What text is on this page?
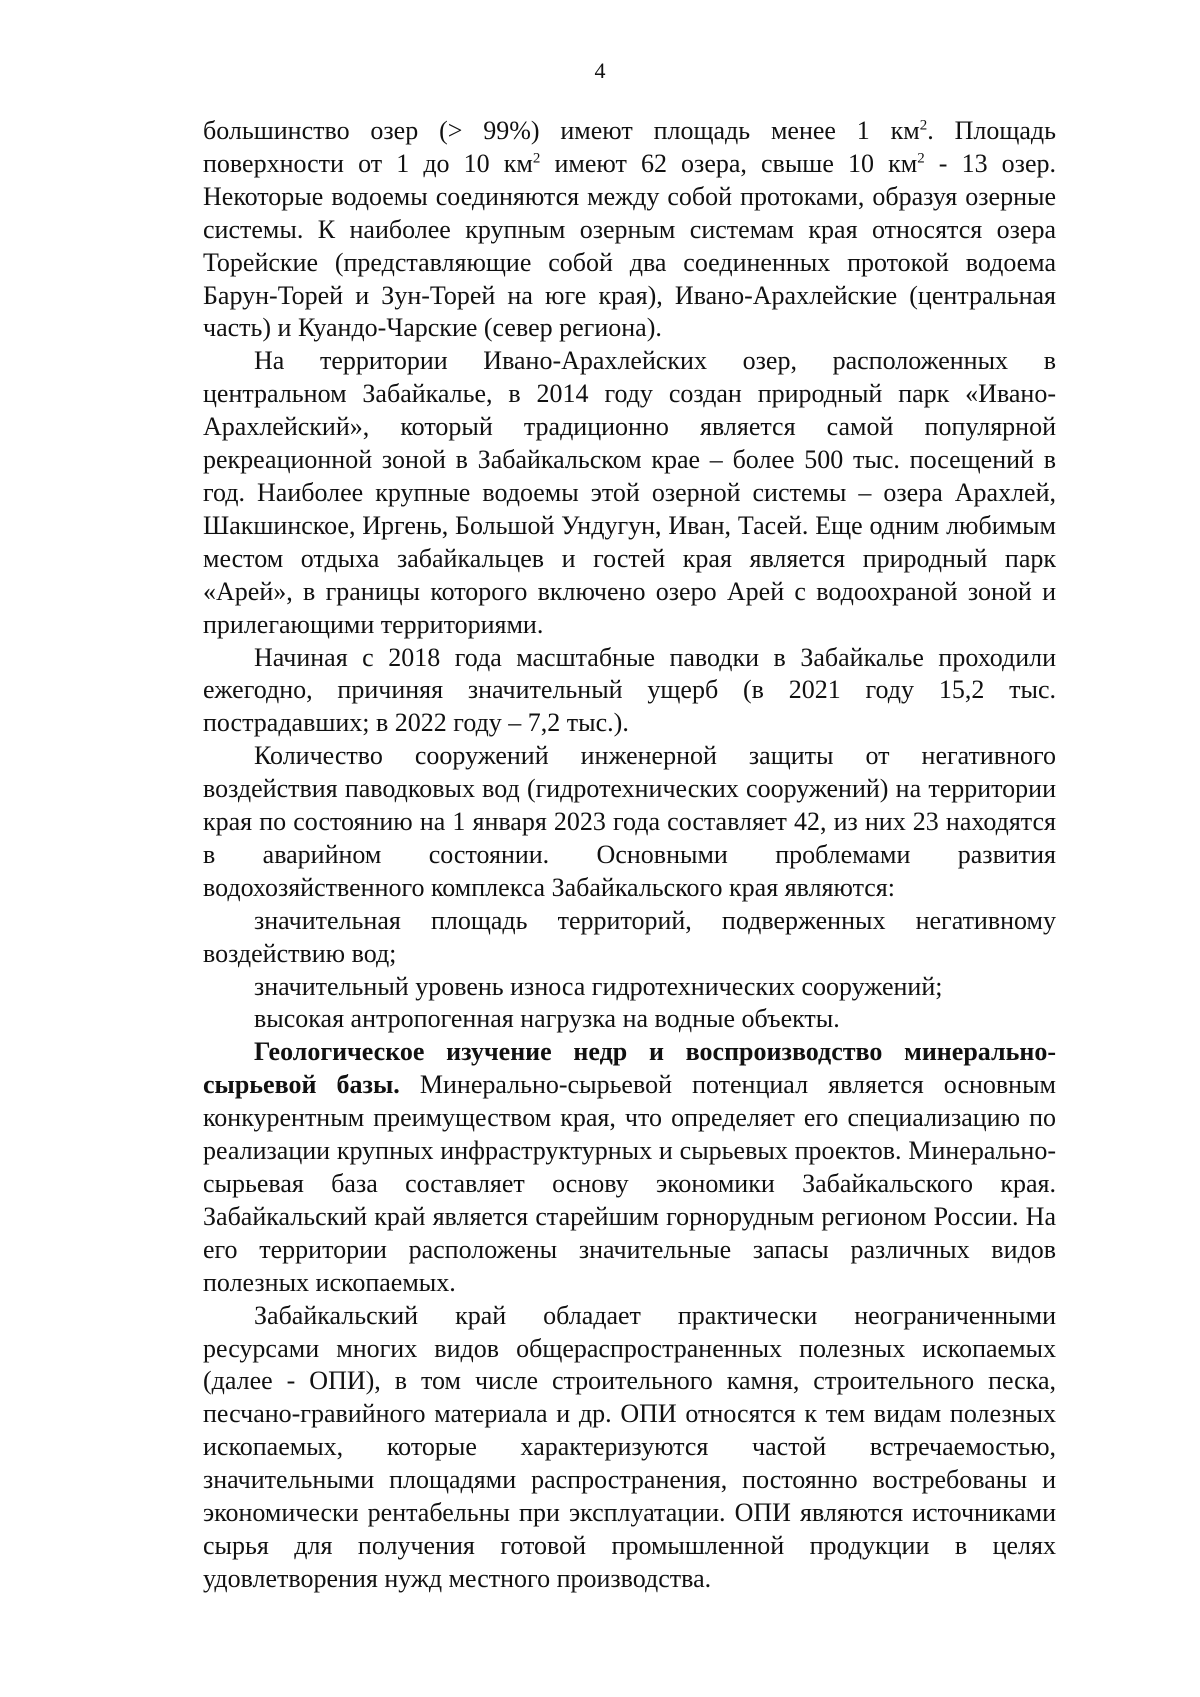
4

большинство озер (> 99%) имеют площадь менее 1 $км^2$. Площадь поверхности от 1 до 10 $км^2$ имеют 62 озера, свыше 10 $км^2 - 13$ озер. Некоторые водоемы соединяются между собой протоками, образуя озерные системы. К наиболее крупным озерным системам края относятся озера Торейские (представляющие собой два соединенных протокой водоема Барун-Торей и Зун-Торей на юге края), Ивано-Арахлейские (центральная часть) и Куандо-Чарские (север региона).

На территории Ивано-Арахлейских озер, расположенных в центральном Забайкалье, в 2014 году создан природный парк «Ивано-Арахлейский», который традиционно является самой популярной рекреационной зоной в Забайкальском крае – более 500 тыс. посещений в год. Наиболее крупные водоемы этой озерной системы – озера Арахлей, Шакшинское, Иргень, Большой Ундугун, Иван, Тасей. Еще одним любимым местом отдыха забайкальцев и гостей края является природный парк «Арей», в границы которого включено озеро Арей с водоохраной зоной и прилегающими территориями.

Начиная с 2018 года масштабные паводки в Забайкалье проходили ежегодно, причиняя значительный ущерб (в 2021 году 15,2 тыс. пострадавших; в 2022 году – 7,2 тыс.).

Количество сооружений инженерной защиты от негативного воздействия паводковых вод (гидротехнических сооружений) на территории края по состоянию на 1 января 2023 года составляет 42, из них 23 находятся в аварийном состоянии. Основными проблемами развития водохозяйственного комплекса Забайкальского края являются:

значительная площадь территорий, подверженных негативному воздействию вод;

значительный уровень износа гидротехнических сооружений;

высокая антропогенная нагрузка на водные объекты.

Геологическое изучение недр и воспроизводство минерально-сырьевой базы. Минерально-сырьевой потенциал является основным конкурентным преимуществом края, что определяет его специализацию по реализации крупных инфраструктурных и сырьевых проектов. Минерально-сырьевая база составляет основу экономики Забайкальского края. Забайкальский край является старейшим горнорудным регионом России. На его территории расположены значительные запасы различных видов полезных ископаемых.

Забайкальский край обладает практически неограниченными ресурсами многих видов общераспространенных полезных ископаемых (далее - ОПИ), в том числе строительного камня, строительного песка, песчано-гравийного материала и др. ОПИ относятся к тем видам полезных ископаемых, которые характеризуются частой встречаемостью, значительными площадями распространения, постоянно востребованы и экономически рентабельны при эксплуатации. ОПИ являются источниками сырья для получения готовой промышленной продукции в целях удовлетворения нужд местного производства.
